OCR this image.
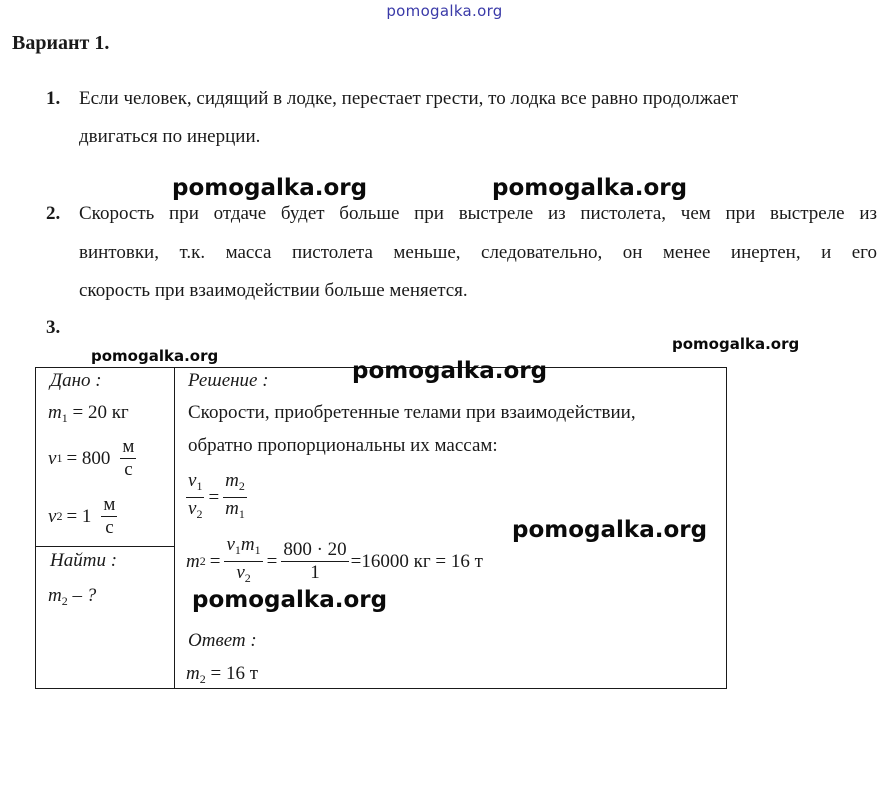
pomogalka.org
Вариант 1.
1. Если человек, сидящий в лодке, перестает грести, то лодка все равно продолжает
двигаться по инерции.
pomogalka.org	pomogalka.org
2. Скорость при отдаче будет больше при выстреле из пистолета, чем при выстреле из
винтовки, т.к. масса пистолета меньше, следовательно, он менее инертен, и его
скорость при взаимодействии больше меняется.
3.
pomogalka.org
pomogalka.org
Дано :
$m_1 = 20$ кг
v $1 = 800 \frac{м}{с}$
v $2 = 1 \frac{м}{с}$
Найти :
$m_2$ – ?
Решение :	pomogalka.org
Скорости, приобретенные телами при взаимодействии,
обратно пропорциональны их массам:
$\frac{v_1}{v_2} = \frac{m_2}{m_1}$
pomogalka.org
m $2 = \frac{v_1m_1}{v_2} = \frac{800 \cdot 20}{1} =16000$ кг = 16 т
pomogalka.org
Ответ :
$m_2 = 16$ т
